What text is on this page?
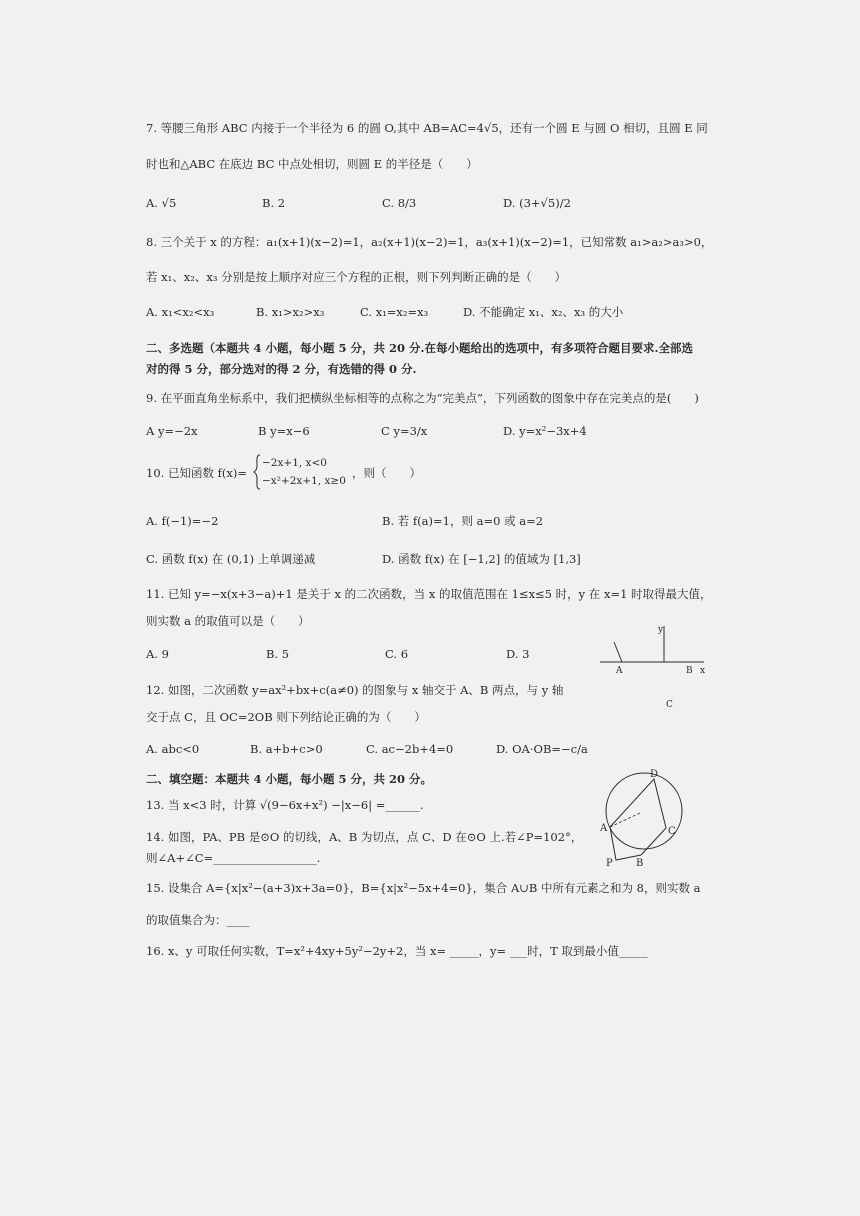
7. 等腰三角形 ABC 内接于一个半径为 6 的圆 O,其中 AB=AC=4√5，还有一个圆 E 与圆 O 相切，且圆 E 同
时也和△ABC 在底边 BC 中点处相切，则圆 E 的半径是（　　）
A. √5	B. 2	C. 8/3	D. (3+√5)/2
8. 三个关于 x 的方程：a₁(x+1)(x−2)=1，a₂(x+1)(x−2)=1，a₃(x+1)(x−2)=1，已知常数 a₁>a₂>a₃>0，
若 x₁、x₂、x₃ 分别是按上顺序对应三个方程的正根，则下列判断正确的是（　　）
A. x₁<x₂<x₃	B. x₁>x₂>x₃	C. x₁=x₂=x₃	D. 不能确定 x₁、x₂、x₃ 的大小
二、多选题（本题共 4 小题，每小题 5 分，共 20 分.在每小题给出的选项中，有多项符合题目要求.全部选
对的得 5 分，部分选对的得 2 分，有选错的得 0 分.
9. 在平面直角坐标系中，我们把横纵坐标相等的点称之为“完美点”，下列函数的图象中存在完美点的是(　　)
A y=−2x	B y=x−6	C y=3/x	D. y=x²−3x+4
10. 已知函数 f(x)=
−2x+1, x<0
−x²+2x+1, x≥0
，则（　　）
A. f(−1)=−2	B. 若 f(a)=1，则 a=0 或 a=2
C. 函数 f(x) 在 (0,1) 上单调递减	D. 函数 f(x) 在 [−1,2] 的值域为 [1,3]
11. 已知 y=−x(x+3−a)+1 是关于 x 的二次函数，当 x 的取值范围在 1≤x≤5 时，y 在 x=1 时取得最大值，
则实数 a 的取值可以是（　　）
A. 9	B. 5	C. 6	D. 3
y
A	B x
C
12. 如图，二次函数 y=ax²+bx+c(a≠0) 的图象与 x 轴交于 A、B 两点，与 y 轴
交于点 C，且 OC=2OB 则下列结论正确的为（　　）
A. abc<0	B. a+b+c>0	C. ac−2b+4=0	D. OA·OB=−c/a
二、填空题：本题共 4 小题，每小题 5 分，共 20 分。
13. 当 x<3 时，计算 √(9−6x+x²) −|x−6| =______.
D
A	C
P B
14. 如图，PA、PB 是⊙O 的切线，A、B 为切点，点 C、D 在⊙O 上.若∠P=102°，
则∠A+∠C=__________________.
15. 设集合 A={x|x²−(a+3)x+3a=0}，B={x|x²−5x+4=0}，集合 A∪B 中所有元素之和为 8，则实数 a
的取值集合为：____
16. x、y 可取任何实数，T=x²+4xy+5y²−2y+2，当 x= _____，y= ___时，T 取到最小值_____
